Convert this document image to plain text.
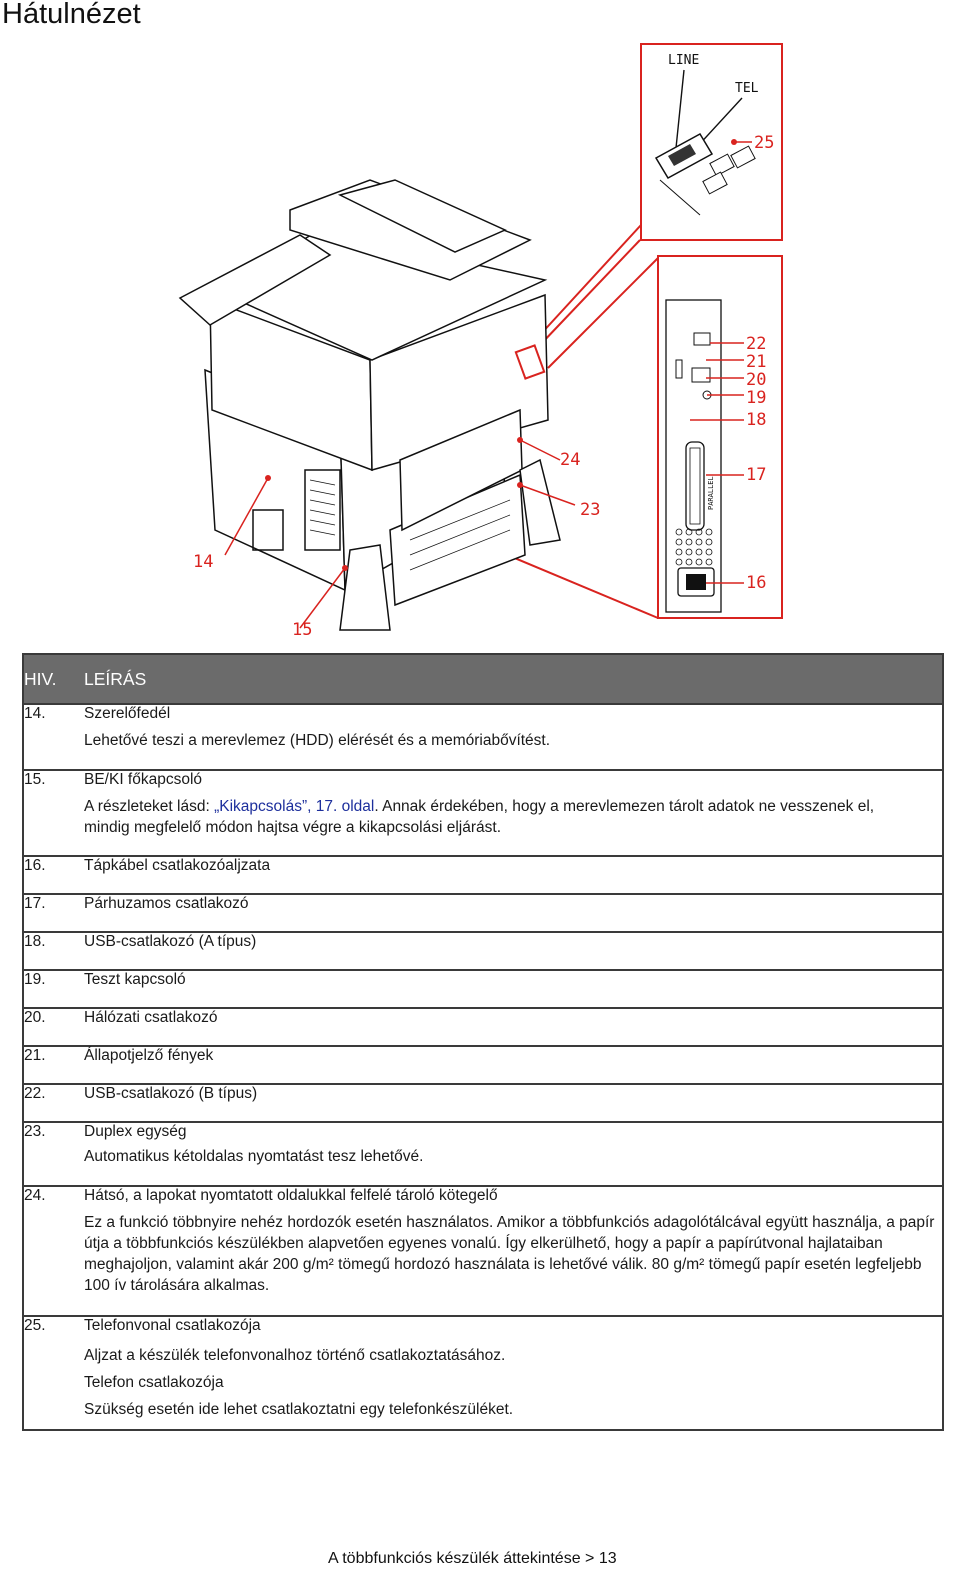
Hátulnézet
LINE
TEL
25
PARALLEL
22
21
20
19
18
17
16
14
15
24
23
HIV.	LEÍRÁS
14.	Szerelőfedél
Lehetővé teszi a merevlemez (HDD) elérését és a memóriabővítést.

15.	BE/KI főkapcsoló
A részleteket lásd: „Kikapcsolás”, 17. oldal. Annak érdekében, hogy a merevlemezen tárolt adatok ne vesszenek el, mindig megfelelő módon hajtsa végre a kikapcsolási eljárást.

16.	Tápkábel csatlakozóaljzata
17.	Párhuzamos csatlakozó
18.	USB-csatlakozó (A típus)
19.	Teszt kapcsoló
20.	Hálózati csatlakozó
21.	Állapotjelző fények
22.	USB-csatlakozó (B típus)
23.	Duplex egység
Automatikus kétoldalas nyomtatást tesz lehetővé.

24.	Hátsó, a lapokat nyomtatott oldalukkal felfelé tároló kötegelő
Ez a funkció többnyire nehéz hordozók esetén használatos. Amikor a többfunkciós adagolótálcával együtt használja, a papír útja a többfunkciós készülékben alapvetően egyenes vonalú. Így elkerülhető, hogy a papír a papírútvonal hajlataiban meghajoljon, valamint akár 200 g/m² tömegű hordozó használata is lehetővé válik. 80 g/m² tömegű papír esetén legfeljebb 100 ív tárolására alkalmas.

25.	Telefonvonal csatlakozója

Aljzat a készülék telefonvonalhoz történő csatlakoztatásához.

Telefon csatlakozója

Szükség esetén ide lehet csatlakoztatni egy telefonkészüléket.

A többfunkciós készülék áttekintése > 13
